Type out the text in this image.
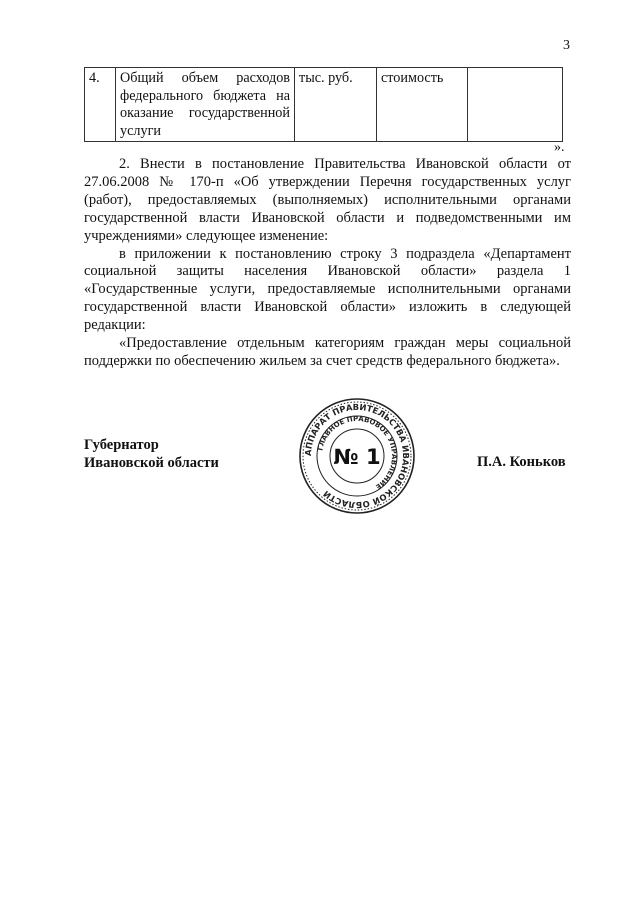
3
4.	Общий объем расходов федерального бюджета на оказание государственной услуги	тыс. руб.	стоимость	
».

2. Внести в постановление Правительства Ивановской области от 27.06.2008 № 170-п «Об утверждении Перечня государственных услуг (работ), предоставляемых (выполняемых) исполнительными органами государственной власти Ивановской области и подведомственными им учреждениями» следующее изменение:

в приложении к постановлению строку 3 подраздела «Департамент социальной защиты населения Ивановской области» раздела 1 «Государственные услуги, предоставляемые исполнительными органами государственной власти Ивановской области» изложить в следующей редакции:

«Предоставление отдельным категориям граждан меры социальной поддержки по обеспечению жильем за счет средств федерального бюджета».

Губернатор
Ивановской области	П.А. Коньков
АППАРАТ ПРАВИТЕЛЬСТВА ИВАНОВСКОЙ ОБЛАСТИ
ГЛАВНОЕ ПРАВОВОЕ УПРАВЛЕНИЕ
№ 1
